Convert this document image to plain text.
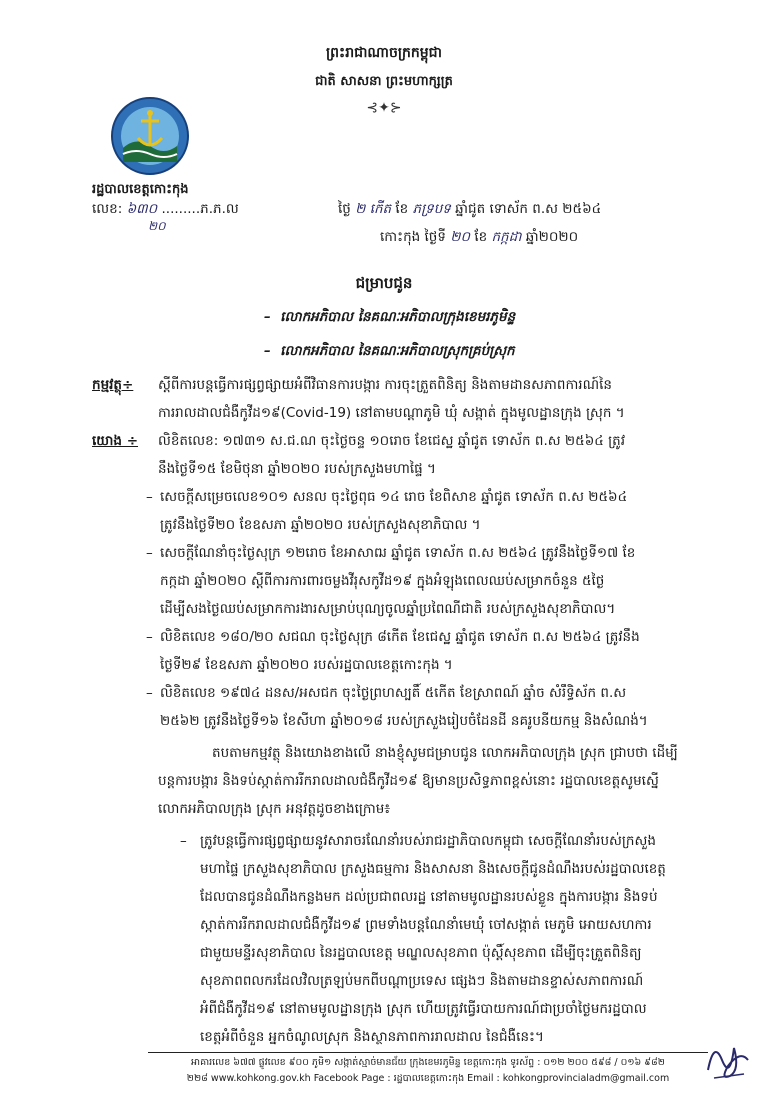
ព្រះរាជាណាចក្រកម្ពុជា
ជាតិ សាសនា ព្រះមហាក្សត្រ
⊰✦⊱
រដ្ឋបាលខេត្តកោះកុង
លេខ: ៦៣០ .........ភ.ភ.ល
២០
ថ្ងៃ ២ កើត ខែ ភទ្របទ ឆ្នាំជូត ទោស័ក ព.ស ២៥៦៤
កោះកុង ថ្ងៃទី ២០ ខែ កក្កដា ឆ្នាំ២០២០
ជម្រាបជូន
–  លោកអភិបាល នៃគណៈអភិបាលក្រុងខេមរភូមិន្ទ
–  លោកអភិបាល នៃគណៈអភិបាលស្រុកគ្រប់ស្រុក
កម្មវត្ថុ÷ ស្តីពីការបន្តធ្វើការផ្សព្វផ្សាយអំពីវិធានការបង្ការ ការចុះត្រួតពិនិត្យ និងតាមដានសភាពការណ៍នៃ
ការរាលដាលជំងឺកូវីដ១៩(Covid-19) នៅតាមបណ្តាភូមិ ឃុំ សង្កាត់ ក្នុងមូលដ្ឋានក្រុង ស្រុក ។
យោង ÷ លិខិតលេខ: ១៧៣១ ស.ជ.ណ ចុះថ្ងៃចន្ទ ១០រោច ខែជេស្ឋ ឆ្នាំជូត ទោស័ក ព.ស ២៥៦៤ ត្រូវ
នឹងថ្ងៃទី១៥ ខែមិថុនា ឆ្នាំ២០២០ របស់ក្រសួងមហាផ្ទៃ ។
– សេចក្តីសម្រេចលេខ១០១ សនល ចុះថ្ងៃពុធ ១៤ រោច ខែពិសាខ ឆ្នាំជូត ទោស័ក ព.ស ២៥៦៤
ត្រូវនឹងថ្ងៃទី២០ ខែឧសភា ឆ្នាំ២០២០ របស់ក្រសួងសុខាភិបាល ។
– សេចក្តីណែនាំចុះថ្ងៃសុក្រ ១២រោច ខែអាសាឍ ឆ្នាំជូត ទោស័ក ព.ស ២៥៦៤ ត្រូវនឹងថ្ងៃទី១៧ ខែ
កក្កដា ឆ្នាំ២០២០ ស្តីពីការការពារចម្លងវីរុសកូវីដ១៩ ក្នុងអំឡុងពេលឈប់សម្រាកចំនួន ៥ថ្ងៃ
ដើម្បីសងថ្ងៃឈប់សម្រាកការងារសម្រាប់បុណ្យចូលឆ្នាំប្រពៃណីជាតិ របស់ក្រសួងសុខាភិបាល។
– លិខិតលេខ ១៨០/២០ សជណ ចុះថ្ងៃសុក្រ ៨កើត ខែជេស្ឋ ឆ្នាំជូត ទោស័ក ព.ស ២៥៦៤ ត្រូវនឹង
ថ្ងៃទី២៩ ខែឧសភា ឆ្នាំ២០២០ របស់រដ្ឋបាលខេត្តកោះកុង ។
– លិខិតលេខ ១៩៧៤ ដនស/អសជក ចុះថ្ងៃព្រហស្បតិ៍ ៥កើត ខែស្រាពណ៍ ឆ្នាំច សំរឹទ្ធិស័ក ព.ស
២៥៦២ ត្រូវនឹងថ្ងៃទី១៦ ខែសីហា ឆ្នាំ២០១៨ របស់ក្រសួងរៀបចំដែនដី នគរូបនីយកម្ម និងសំណង់។
តបតាមកម្មវត្ថុ និងយោងខាងលើ នាងខ្ញុំសូមជម្រាបជូន លោកអភិបាលក្រុង ស្រុក ជ្រាបថា ដើម្បី
បន្តការបង្ការ និងទប់ស្កាត់ការរីករាលដាលជំងឺកូវីដ១៩ ឱ្យមានប្រសិទ្ធភាពខ្ពស់នោះ រដ្ឋបាលខេត្តសូមស្នើ
លោកអភិបាលក្រុង ស្រុក អនុវត្តដូចខាងក្រោម៖
– ត្រូវបន្តធ្វើការផ្សព្វផ្សាយនូវសារាចរណែនាំរបស់រាជរដ្ឋាភិបាលកម្ពុជា សេចក្តីណែនាំរបស់ក្រសួង
មហាផ្ទៃ ក្រសួងសុខាភិបាល ក្រសួងធម្មការ និងសាសនា និងសេចក្តីជូនដំណឹងរបស់រដ្ឋបាលខេត្ត
ដែលបានជូនដំណឹងកន្លងមក ដល់ប្រជាពលរដ្ឋ នៅតាមមូលដ្ឋានរបស់ខ្លួន ក្នុងការបង្ការ និងទប់
ស្កាត់ការរីករាលដាលជំងឺកូវីដ១៩ ព្រមទាំងបន្តណែនាំមេឃុំ ចៅសង្កាត់ មេភូមិ អោយសហការ
ជាមួយមន្ទីរសុខាភិបាល នៃរដ្ឋបាលខេត្ត មណ្ឌលសុខភាព ប៉ុស្តិ៍សុខភាព ដើម្បីចុះត្រួតពិនិត្យ
សុខភាពពលករដែលវិលត្រឡប់មកពីបណ្តាប្រទេស ផ្សេងៗ និងតាមដានខ្ទាស់សភាពការណ៍
អំពីជំងឺកូវីដ១៩ នៅតាមមូលដ្ឋានក្រុង ស្រុក ហើយត្រូវធ្វើរបាយការណ៍ជាប្រចាំថ្ងៃមករដ្ឋបាល
ខេត្តអំពីចំនួន អ្នកចំណូលស្រុក និងស្ថានភាពការរាលដាល នៃជំងឺនេះ។
អាគារលេខ ៦៧៧ ផ្លូវលេខ ៩០០ ភូមិ១ សង្កាត់ស្មាច់មានជ័យ ក្រុងខេមរភូមិន្ទ ខេត្តកោះកុង ទូរស័ព្ទ : ០១២ ២០០ ៥៩៨ / ០១៦ ៩៨២
២២៨ www.kohkong.gov.kh Facebook Page : រដ្ឋបាលខេត្តកោះកុង Email : kohkongprovincialadm@gmail.com
